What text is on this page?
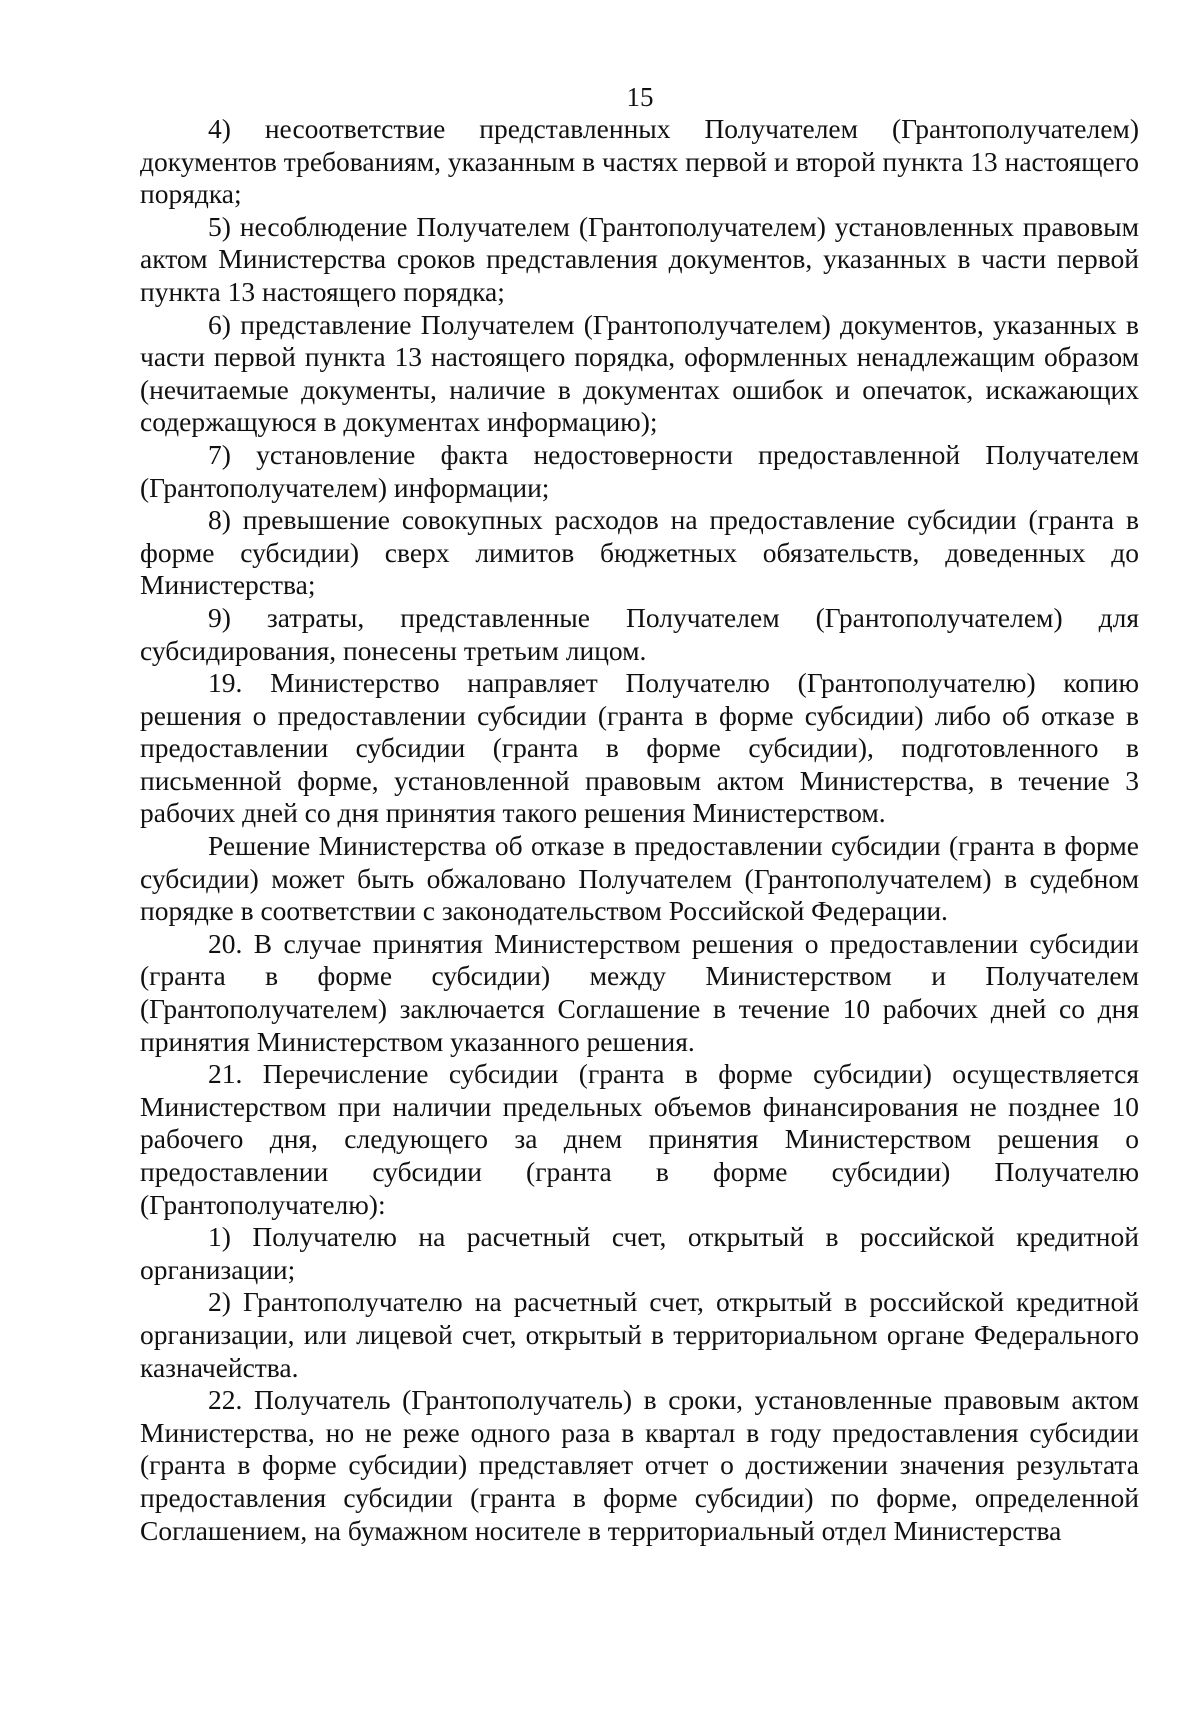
15

4) несоответствие представленных Получателем (Грантополучателем) документов требованиям, указанным в частях первой и второй пункта 13 настоящего порядка;

5) несоблюдение Получателем (Грантополучателем) установленных правовым актом Министерства сроков представления документов, указанных в части первой пункта 13 настоящего порядка;

6) представление Получателем (Грантополучателем) документов, указанных в части первой пункта 13 настоящего порядка, оформленных ненадлежащим образом (нечитаемые документы, наличие в документах ошибок и опечаток, искажающих содержащуюся в документах информацию);

7) установление факта недостоверности предоставленной Получателем (Грантополучателем) информации;

8) превышение совокупных расходов на предоставление субсидии (гранта в форме субсидии) сверх лимитов бюджетных обязательств, доведенных до Министерства;

9) затраты, представленные Получателем (Грантополучателем) для субсидирования, понесены третьим лицом.

19. Министерство направляет Получателю (Грантополучателю) копию решения о предоставлении субсидии (гранта в форме субсидии) либо об отказе в предоставлении субсидии (гранта в форме субсидии), подготовленного в письменной форме, установленной правовым актом Министерства, в течение 3 рабочих дней со дня принятия такого решения Министерством.

Решение Министерства об отказе в предоставлении субсидии (гранта в форме субсидии) может быть обжаловано Получателем (Грантополучателем) в судебном порядке в соответствии с законодательством Российской Федерации.

20. В случае принятия Министерством решения о предоставлении субсидии (гранта в форме субсидии) между Министерством и Получателем (Грантополучателем) заключается Соглашение в течение 10 рабочих дней со дня принятия Министерством указанного решения.

21. Перечисление субсидии (гранта в форме субсидии) осуществляется Министерством при наличии предельных объемов финансирования не позднее 10 рабочего дня, следующего за днем принятия Министерством решения о предоставлении субсидии (гранта в форме субсидии) Получателю (Грантополучателю):

1) Получателю на расчетный счет, открытый в российской кредитной организации;

2) Грантополучателю на расчетный счет, открытый в российской кредитной организации, или лицевой счет, открытый в территориальном органе Федерального казначейства.

22. Получатель (Грантополучатель) в сроки, установленные правовым актом Министерства, но не реже одного раза в квартал в году предоставления субсидии (гранта в форме субсидии) представляет отчет о достижении значения результата предоставления субсидии (гранта в форме субсидии) по форме, определенной Соглашением, на бумажном носителе в территориальный отдел Министерства
